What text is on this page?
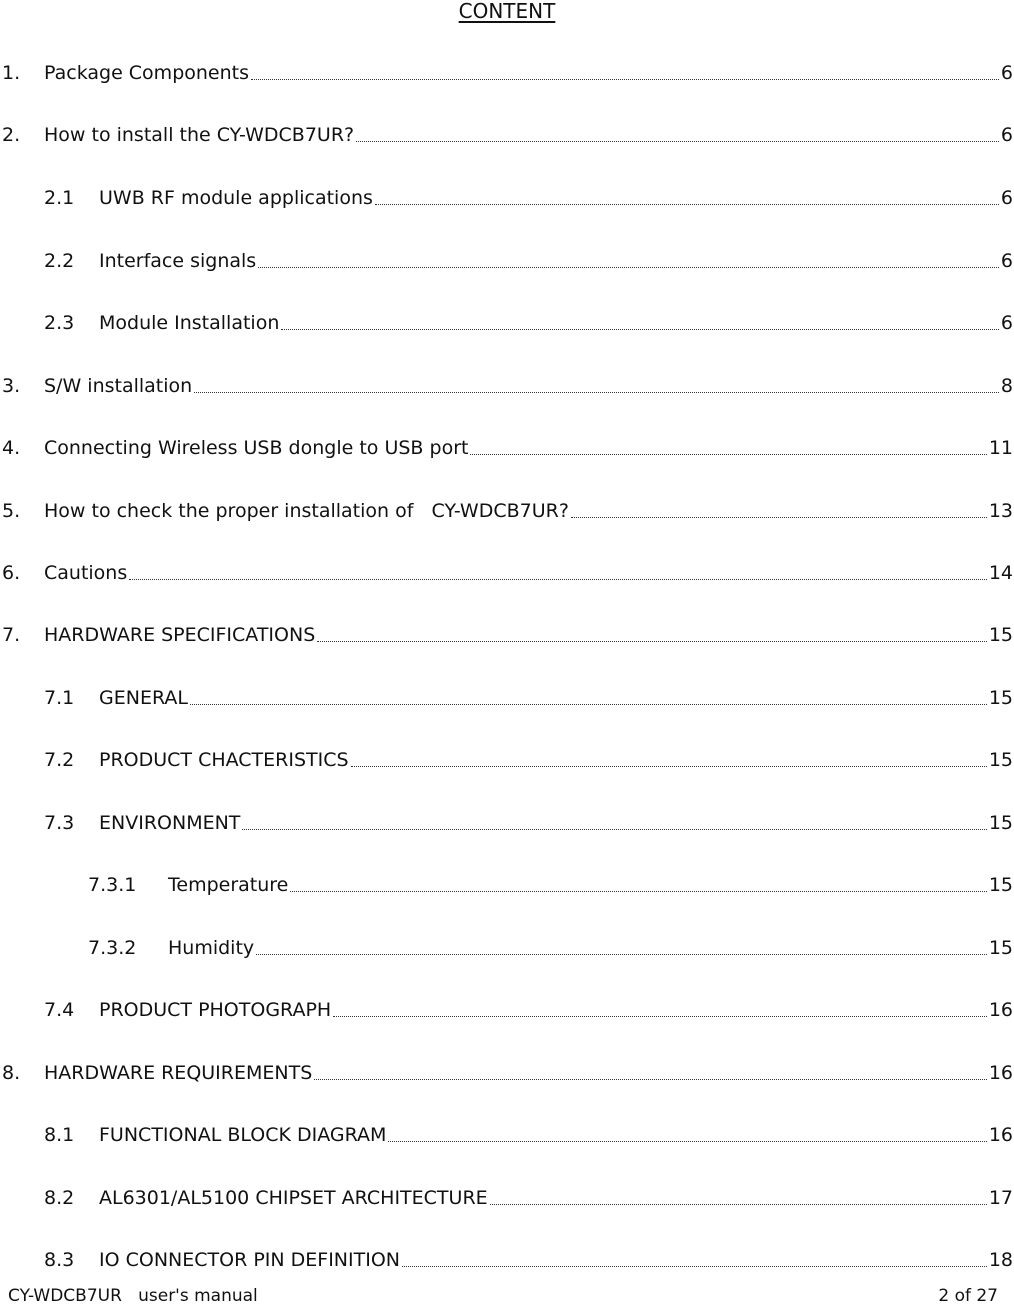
CONTENT
1.	Package Components	6
2.	How to install the CY-WDCB7UR?	6
2.1	UWB RF module applications	6
2.2	Interface signals	6
2.3	Module Installation	6
3.	S/W installation	8
4.	Connecting Wireless USB dongle to USB port	11
5.	How to check the proper installation of   CY-WDCB7UR?	13
6.	Cautions	14
7.	HARDWARE SPECIFICATIONS	15
7.1	GENERAL	15
7.2	PRODUCT CHACTERISTICS	15
7.3	ENVIRONMENT	15
7.3.1	Temperature	15
7.3.2	Humidity	15
7.4	PRODUCT PHOTOGRAPH	16
8.	HARDWARE REQUIREMENTS	16
8.1	FUNCTIONAL BLOCK DIAGRAM	16
8.2	AL6301/AL5100 CHIPSET ARCHITECTURE	17
8.3	IO CONNECTOR PIN DEFINITION	18
CY-WDCB7UR   user's manual	2 of 27
